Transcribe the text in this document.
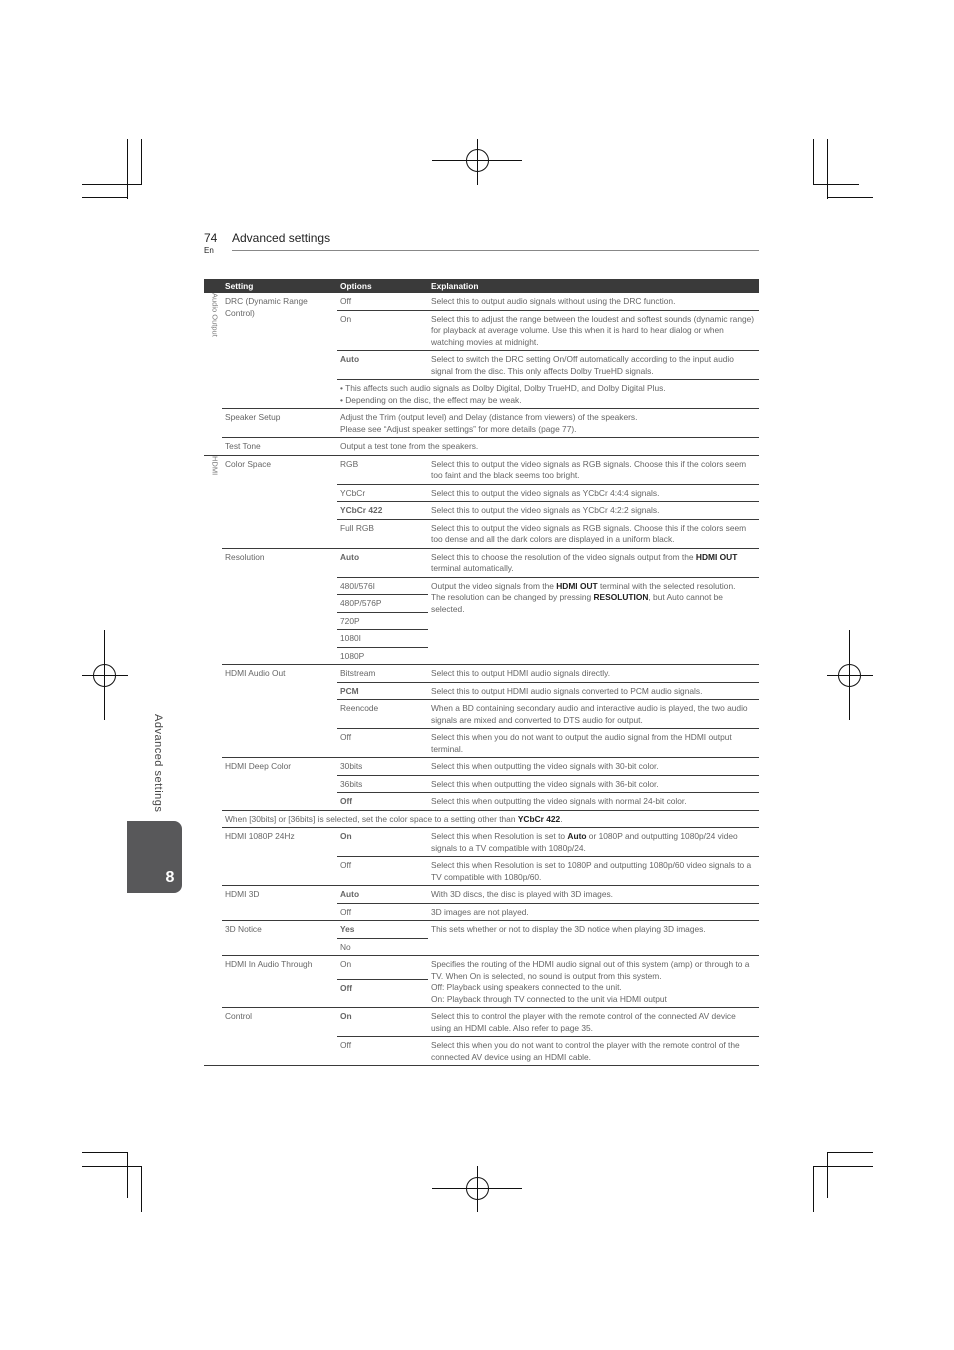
74
En
Advanced settings
Advanced settings
8
	Setting	Options	Explanation

Audio Output	DRC (Dynamic Range Control)	Off	Select this to output audio signals without using the DRC function.
		On	Select this to adjust the range between the loudest and softest sounds (dynamic range) for playback at average volume. Use this when it is hard to hear dialog or when watching movies at midnight.
		Auto	Select to switch the DRC setting On/Off automatically according to the input audio signal from the disc. This only affects Dolby TrueHD signals.

		• This affects such audio signals as Dolby Digital, Dolby TrueHD, and Dolby Digital Plus.
• Depending on the disc, the effect may be weak.	

	Speaker Setup	Adjust the Trim (output level) and Delay (distance from viewers) of the speakers.
Please see “Adjust speaker settings” for more details (page 77).	

	Test Tone	Output a test tone from the speakers.	

HDMI	Color Space	RGB	Select this to output the video signals as RGB signals. Choose this if the colors seem too faint and the black seems too bright.
		YCbCr	Select this to output the video signals as YCbCr 4:4:4 signals.
		YCbCr 422	Select this to output the video signals as YCbCr 4:2:2 signals.
		Full RGB	Select this to output the video signals as RGB signals. Choose this if the colors seem too dense and all the dark colors are displayed in a uniform black.
	Resolution	Auto	Select this to choose the resolution of the video signals output from the HDMI OUT terminal automatically.
		480I/576I	Output the video signals from the HDMI OUT terminal with the selected resolution.
The resolution can be changed by pressing RESOLUTION, but Auto cannot be selected.

		480P/576P	
		720P	
		1080I	
		1080P	
	HDMI Audio Out	Bitstream	Select this to output HDMI audio signals directly.
		PCM	Select this to output HDMI audio signals converted to PCM audio signals.
		Reencode	When a BD containing secondary audio and interactive audio is played, the two audio signals are mixed and converted to DTS audio for output.
		Off	Select this when you do not want to output the audio signal from the HDMI output terminal.
	HDMI Deep Color	30bits	Select this when outputting the video signals with 30-bit color.
		36bits	Select this when outputting the video signals with 36-bit color.
		Off	Select this when outputting the video signals with normal 24-bit color.
	When [30bits] or [36bits] is selected, set the color space to a setting other than YCbCr 422.		
	HDMI 1080P 24Hz	On	Select this when Resolution is set to Auto or 1080P and outputting 1080p/24 video signals to a TV compatible with 1080p/24.
		Off	Select this when Resolution is set to 1080P and outputting 1080p/60 video signals to a TV compatible with 1080p/60.
	HDMI 3D	Auto	With 3D discs, the disc is played with 3D images.
		Off	3D images are not played.
	3D Notice	Yes	This sets whether or not to display the 3D notice when playing 3D images.
		No	
	HDMI In Audio Through	On	Specifies the routing of the HDMI audio signal out of this system (amp) or through to a TV. When On is selected, no sound is output from this system.
Off: Playback using speakers connected to the unit.
On: Playback through TV connected to the unit via HDMI output

		Off	
	Control	On	Select this to control the player with the remote control of the connected AV device using an HDMI cable. Also refer to page 35.
		Off	Select this when you do not want to control the player with the remote control of the connected AV device using an HDMI cable.
